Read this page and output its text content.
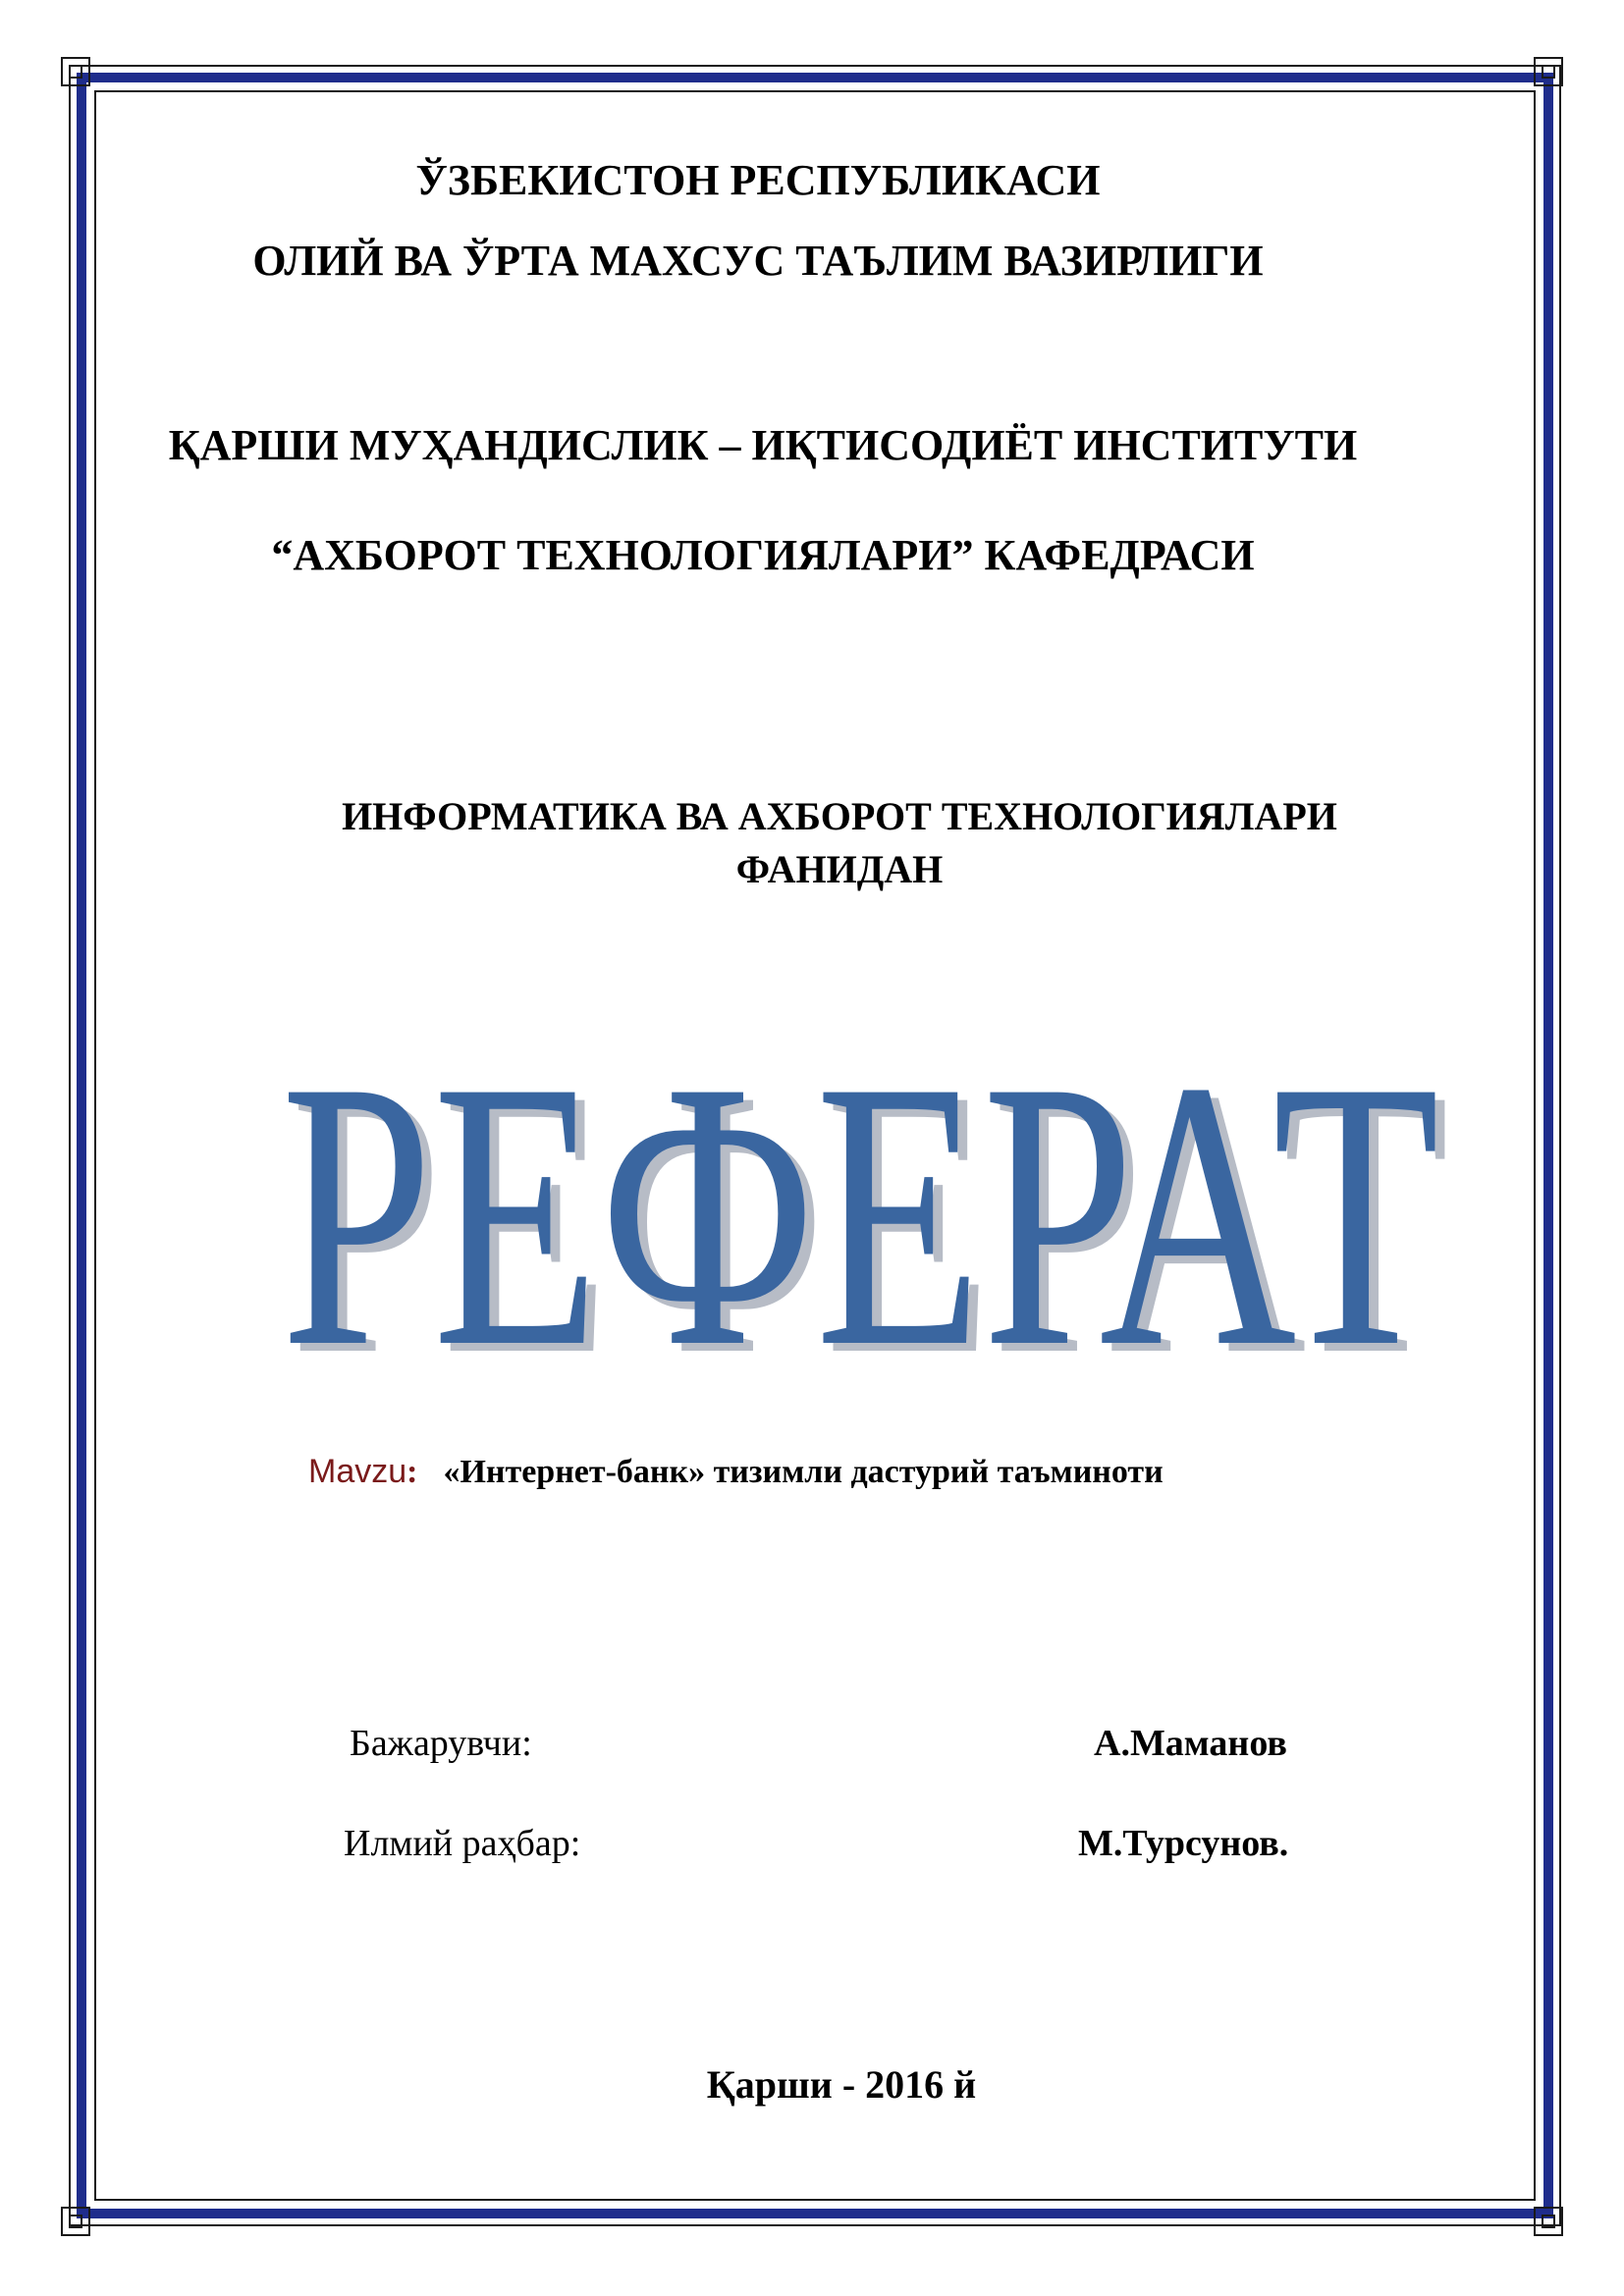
ЎЗБЕКИСТОН РЕСПУБЛИКАСИ
ОЛИЙ ВА ЎРТА МАХСУС ТАЪЛИМ ВАЗИРЛИГИ
ҚАРШИ МУҲАНДИСЛИК – ИҚТИСОДИЁТ ИНСТИТУТИ
“АХБОРОТ ТЕХНОЛОГИЯЛАРИ” КАФЕДРАСИ
ИНФОРМАТИКА ВА АХБОРОТ ТЕХНОЛОГИЯЛАРИ
ФАНИДАН
РЕФЕРАТ
РЕФЕРАТ
Mavzu: «Интернет-банк» тизимли дастурий таъминоти
Бажарувчи:	А.Маманов
Илмий раҳбар:	М.Турсунов.
Қарши - 2016 й
